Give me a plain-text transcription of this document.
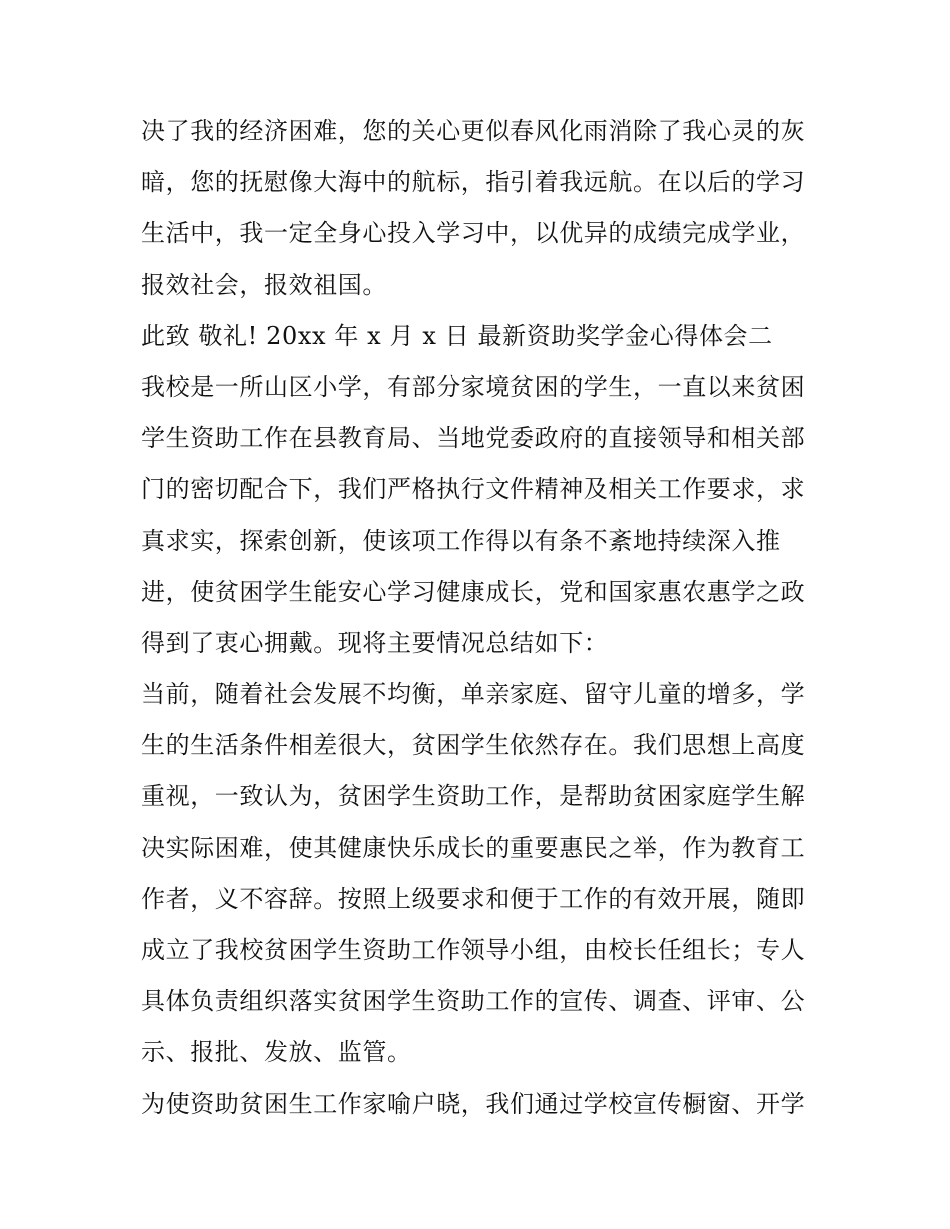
决了我的经济困难，您的关心更似春风化雨消除了我心灵的灰
暗，您的抚慰像大海中的航标，指引着我远航。在以后的学习
生活中，我一定全身心投入学习中，以优异的成绩完成学业，
报效社会，报效祖国。
此致 敬礼! 20xx 年 x 月 x 日 最新资助奖学金心得体会二
我校是一所山区小学，有部分家境贫困的学生，一直以来贫困
学生资助工作在县教育局、当地党委政府的直接领导和相关部
门的密切配合下，我们严格执行文件精神及相关工作要求，求
真求实，探索创新，使该项工作得以有条不紊地持续深入推
进，使贫困学生能安心学习健康成长，党和国家惠农惠学之政
得到了衷心拥戴。现将主要情况总结如下：
当前，随着社会发展不均衡，单亲家庭、留守儿童的增多，学
生的生活条件相差很大，贫困学生依然存在。我们思想上高度
重视，一致认为，贫困学生资助工作，是帮助贫困家庭学生解
决实际困难，使其健康快乐成长的重要惠民之举，作为教育工
作者，义不容辞。按照上级要求和便于工作的有效开展，随即
成立了我校贫困学生资助工作领导小组，由校长任组长；专人
具体负责组织落实贫困学生资助工作的宣传、调查、评审、公
示、报批、发放、监管。
为使资助贫困生工作家喻户晓，我们通过学校宣传橱窗、开学
